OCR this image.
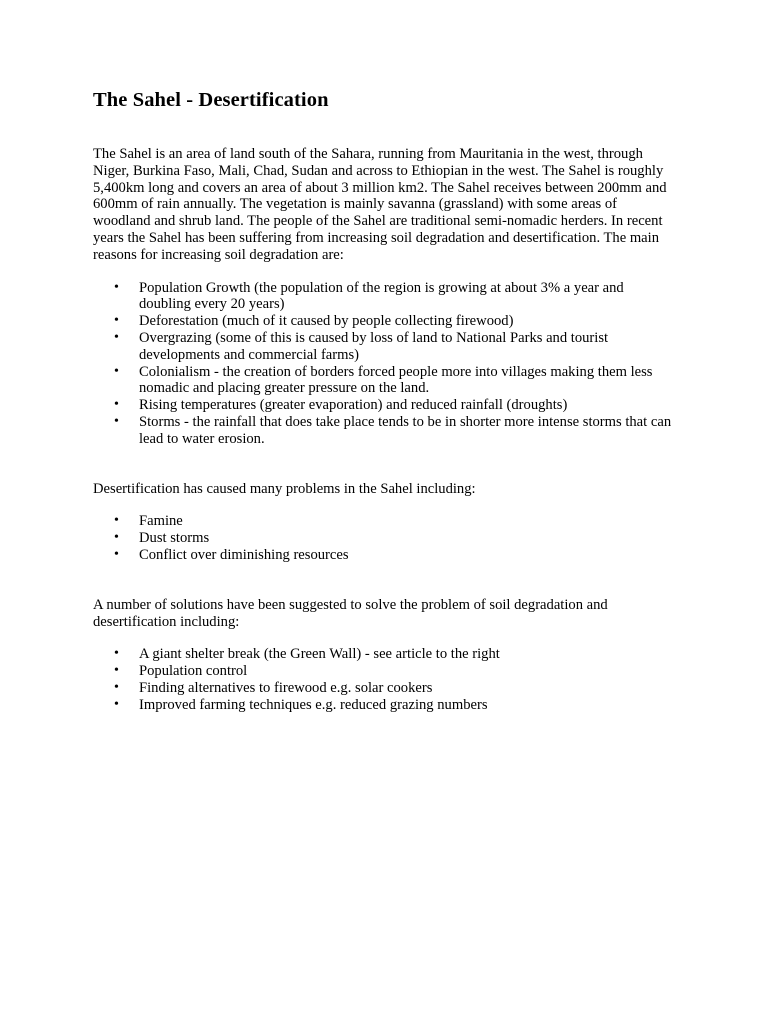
The Sahel - Desertification

The Sahel is an area of land south of the Sahara, running from Mauritania in the west, through Niger, Burkina Faso, Mali, Chad, Sudan and across to Ethiopian in the west. The Sahel is roughly 5,400km long and covers an area of about 3 million km2. The Sahel receives between 200mm and 600mm of rain annually. The vegetation is mainly savanna (grassland) with some areas of woodland and shrub land. The people of the Sahel are traditional semi-nomadic herders. In recent years the Sahel has been suffering from increasing soil degradation and desertification. The main reasons for increasing soil degradation are:

• Population Growth (the population of the region is growing at about 3% a year and doubling every 20 years)
• Deforestation (much of it caused by people collecting firewood)
• Overgrazing (some of this is caused by loss of land to National Parks and tourist developments and commercial farms)
• Colonialism - the creation of borders forced people more into villages making them less nomadic and placing greater pressure on the land.
• Rising temperatures (greater evaporation) and reduced rainfall (droughts)
• Storms - the rainfall that does take place tends to be in shorter more intense storms that can lead to water erosion.

Desertification has caused many problems in the Sahel including:

• Famine
• Dust storms
• Conflict over diminishing resources

A number of solutions have been suggested to solve the problem of soil degradation and desertification including:

• A giant shelter break (the Green Wall) - see article to the right
• Population control
• Finding alternatives to firewood e.g. solar cookers
• Improved farming techniques e.g. reduced grazing numbers
